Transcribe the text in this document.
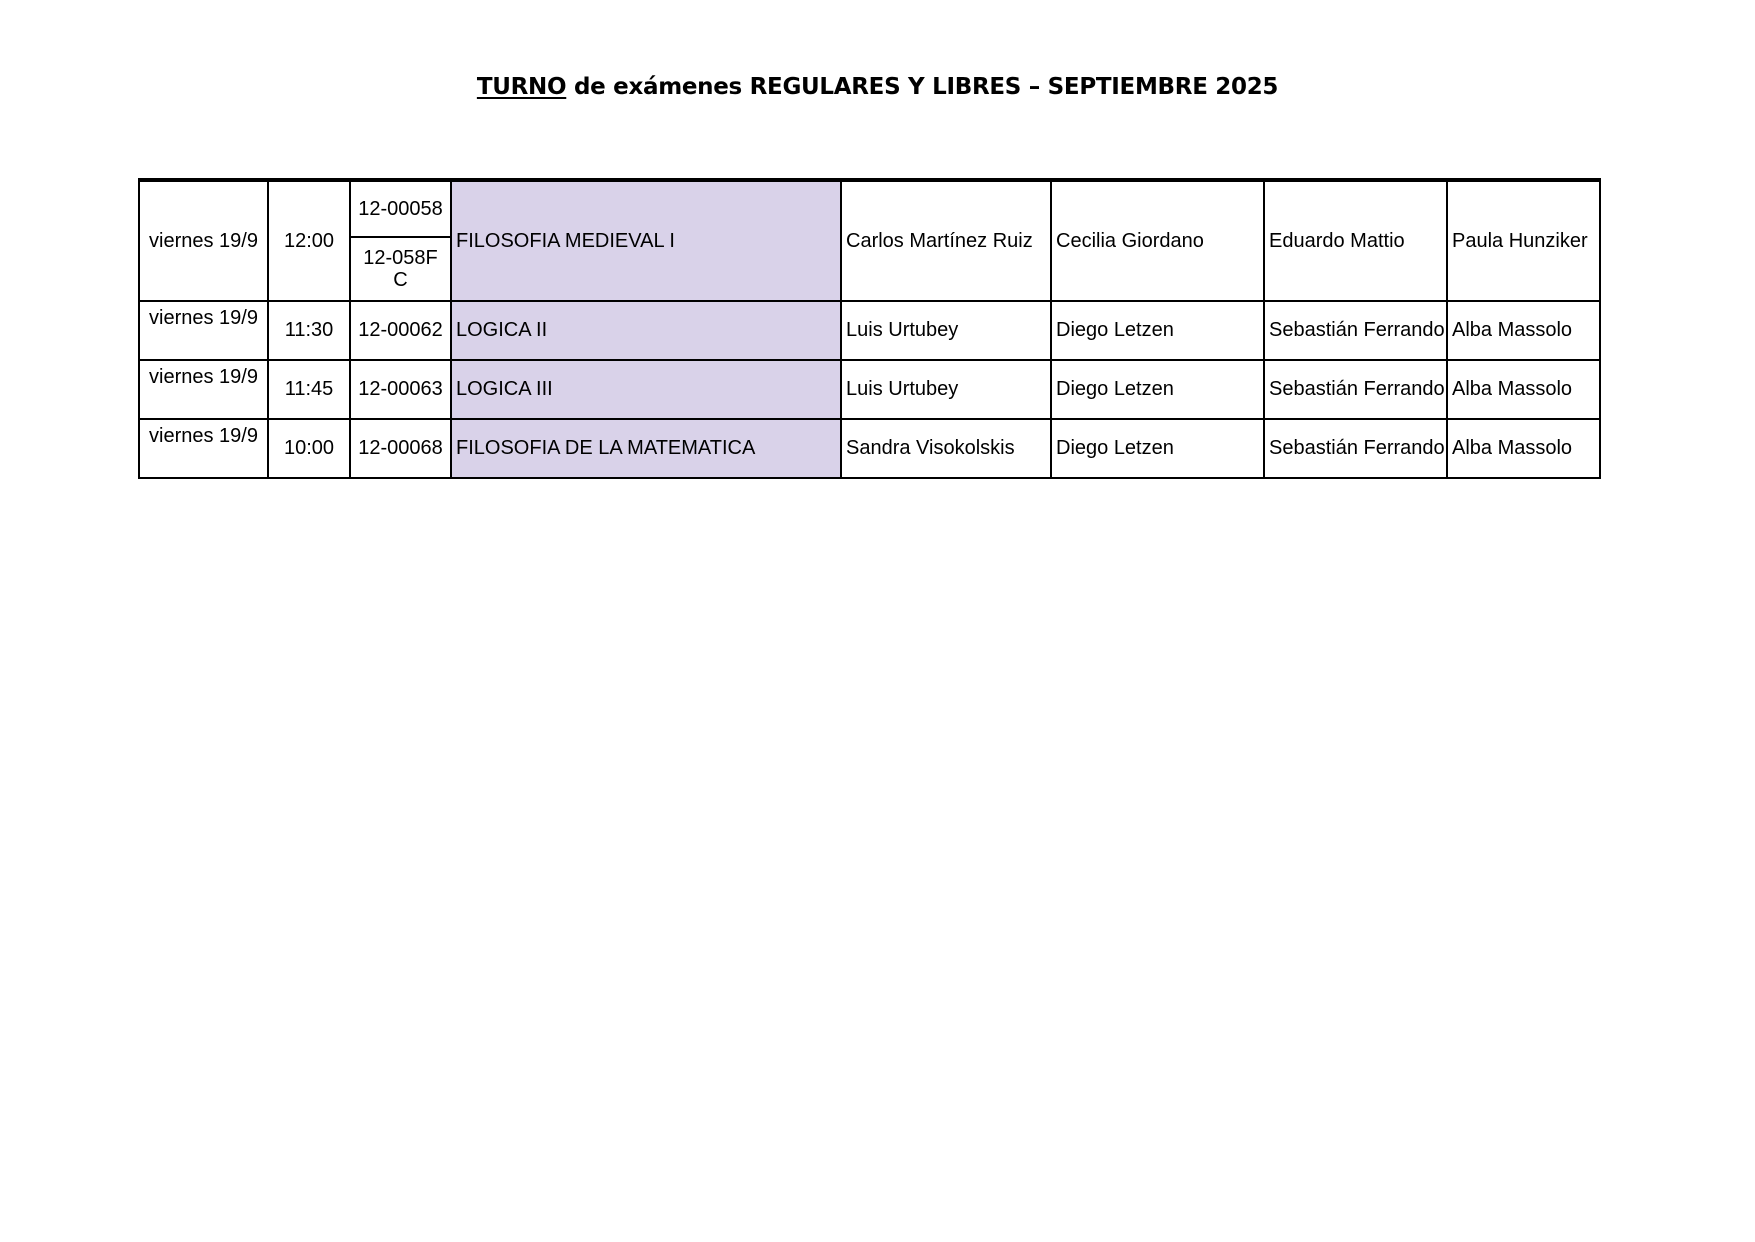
TURNO de exámenes REGULARES Y LIBRES – SEPTIEMBRE 2025
viernes 19/9	12:00	12-00058	FILOSOFIA MEDIEVAL I	Carlos Martínez Ruiz	Cecilia Giordano	Eduardo Mattio	Paula Hunziker
		12-058FC					
viernes 19/9	11:30	12-00062	LOGICA II	Luis Urtubey	Diego Letzen	Sebastián Ferrando	Alba Massolo
viernes 19/9	11:45	12-00063	LOGICA III	Luis Urtubey	Diego Letzen	Sebastián Ferrando	Alba Massolo
viernes 19/9	10:00	12-00068	FILOSOFIA DE LA MATEMATICA	Sandra Visokolskis	Diego Letzen	Sebastián Ferrando	Alba Massolo
